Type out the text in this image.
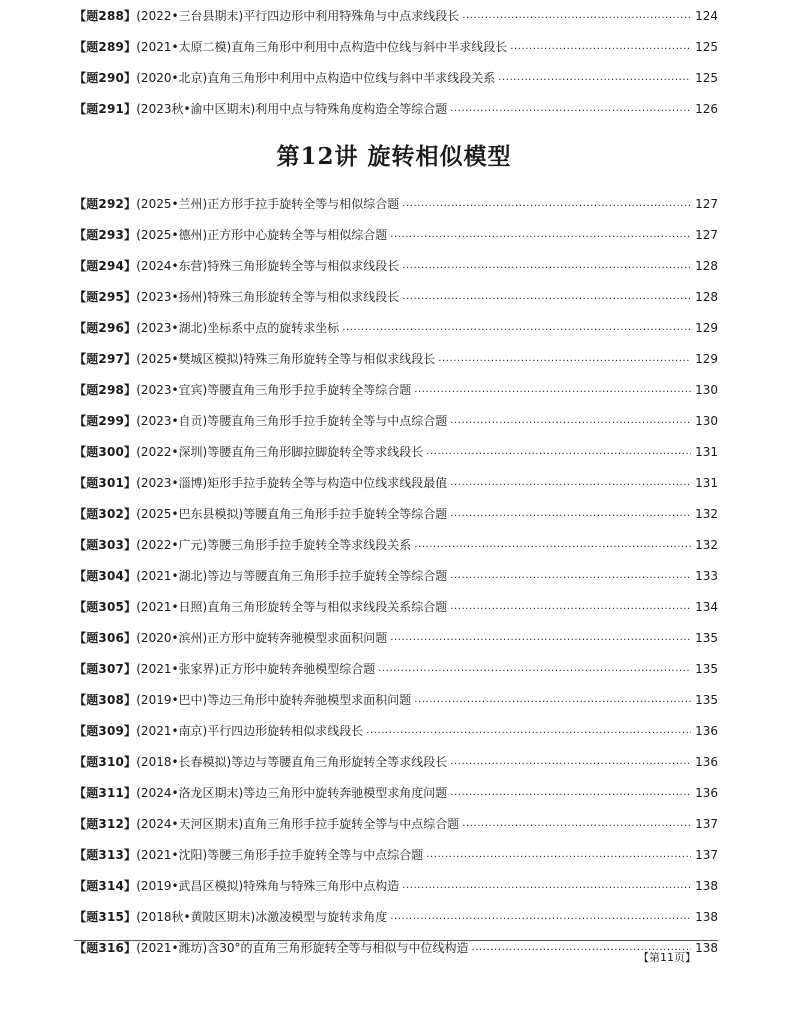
【题288】 (2022•三台县期末) 平行四边形中利用特殊角与中点求线段长 . . .	124
【题289】 (2021•太原二模) 直角三角形中利用中点构造中位线与斜中半求线段长 . . .	125
【题290】 (2020•北京) 直角三角形中利用中点构造中位线与斜中半求线段关系 . . .	125
【题291】 (2023秋•渝中区期末) 利用中点与特殊角度构造全等综合题 . . .	126
第12讲 旋转相似模型
【题292】 (2025•兰州) 正方形手拉手旋转全等与相似综合题 . . .	127
【题293】 (2025•德州) 正方形中心旋转全等与相似综合题 . . .	127
【题294】 (2024•东营) 特殊三角形旋转全等与相似求线段长 . . .	128
【题295】 (2023•扬州) 特殊三角形旋转全等与相似求线段长 . . .	128
【题296】 (2023•湖北) 坐标系中点的旋转求坐标 . . .	129
【题297】 (2025•樊城区模拟) 特殊三角形旋转全等与相似求线段长 . . .	129
【题298】 (2023•宜宾) 等腰直角三角形手拉手旋转全等综合题 . . .	130
【题299】 (2023•自贡) 等腰直角三角形手拉手旋转全等与中点综合题 . . .	130
【题300】 (2022•深圳) 等腰直角三角形脚拉脚旋转全等求线段长 . . .	131
【题301】 (2023•淄博) 矩形手拉手旋转全等与构造中位线求线段最值 . . .	131
【题302】 (2025•巴东县模拟) 等腰直角三角形手拉手旋转全等综合题 . . .	132
【题303】 (2022•广元) 等腰三角形手拉手旋转全等求线段关系 . . .	132
【题304】 (2021•湖北) 等边与等腰直角三角形手拉手旋转全等综合题 . . .	133
【题305】 (2021•日照) 直角三角形旋转全等与相似求线段关系综合题 . . .	134
【题306】 (2020•滨州) 正方形中旋转奔驰模型求面积问题 . . .	135
【题307】 (2021•张家界) 正方形中旋转奔驰模型综合题 . . .	135
【题308】 (2019•巴中) 等边三角形中旋转奔驰模型求面积问题 . . .	135
【题309】 (2021•南京) 平行四边形旋转相似求线段长 . . .	136
【题310】 (2018•长春模拟) 等边与等腰直角三角形旋转全等求线段长 . . .	136
【题311】 (2024•洛龙区期末) 等边三角形中旋转奔驰模型求角度问题 . . .	136
【题312】 (2024•天河区期末) 直角三角形手拉手旋转全等与中点综合题 . . .	137
【题313】 (2021•沈阳) 等腰三角形手拉手旋转全等与中点综合题 . . .	137
【题314】 (2019•武昌区模拟) 特殊角与特殊三角形中点构造 . . .	138
【题315】 (2018秋•黄陂区期末) 冰激凌模型与旋转求角度 . . .	138
【题316】 (2021•潍坊) 含30°的直角三角形旋转全等与相似与中位线构造 . . .	138
【第11页】
